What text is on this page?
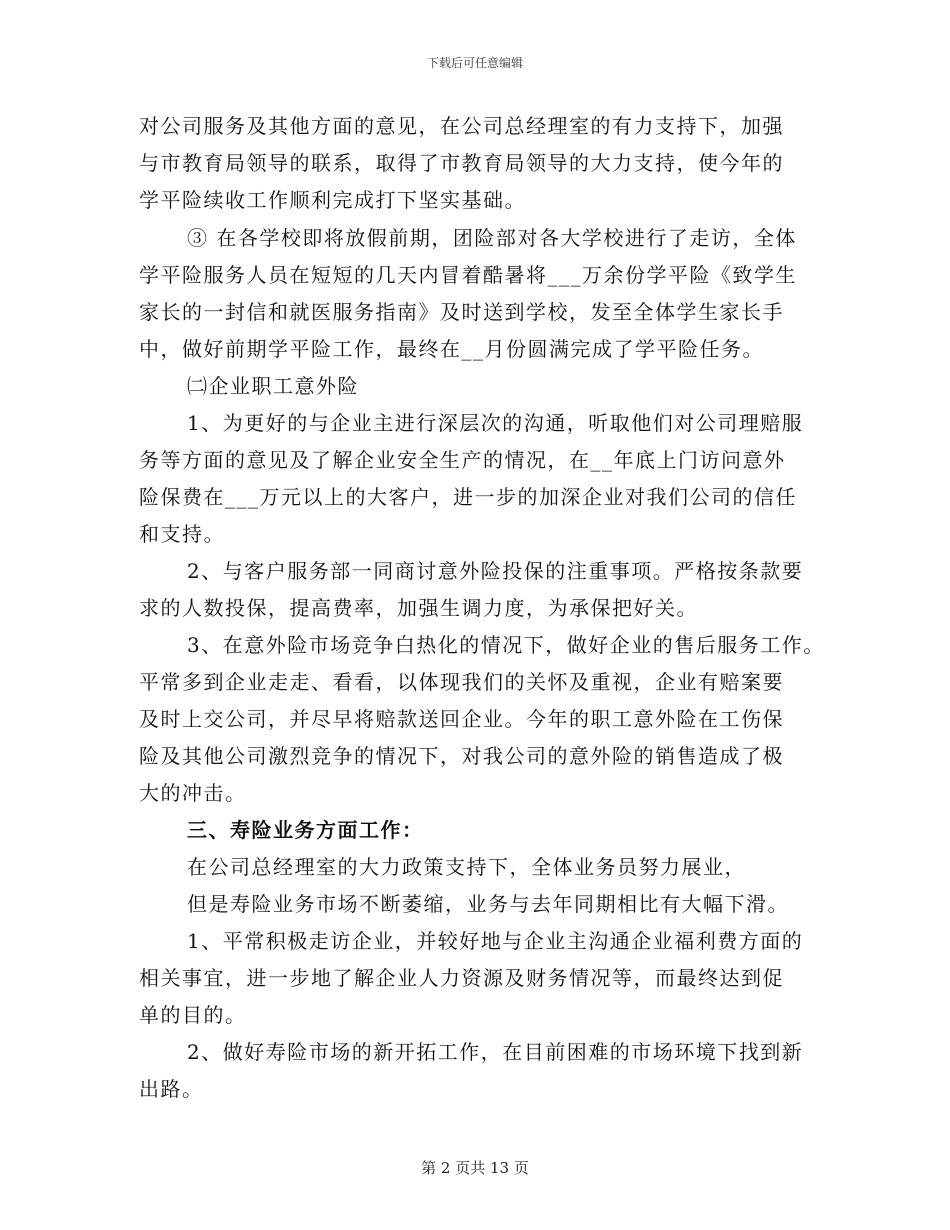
下载后可任意编辑
对公司服务及其他方面的意见，在公司总经理室的有力支持下，加强
与市教育局领导的联系，取得了市教育局领导的大力支持，使今年的
学平险续收工作顺利完成打下坚实基础。
③ 在各学校即将放假前期，团险部对各大学校进行了走访，全体
学平险服务人员在短短的几天内冒着酷暑将___万余份学平险《致学生
家长的一封信和就医服务指南》及时送到学校，发至全体学生家长手
中，做好前期学平险工作，最终在__月份圆满完成了学平险任务。
㈡企业职工意外险
1、为更好的与企业主进行深层次的沟通，听取他们对公司理赔服
务等方面的意见及了解企业安全生产的情况，在__年底上门访问意外
险保费在___万元以上的大客户，进一步的加深企业对我们公司的信任
和支持。
2、与客户服务部一同商讨意外险投保的注重事项。严格按条款要
求的人数投保，提高费率，加强生调力度，为承保把好关。
3、在意外险市场竞争白热化的情况下，做好企业的售后服务工作。
平常多到企业走走、看看，以体现我们的关怀及重视，企业有赔案要
及时上交公司，并尽早将赔款送回企业。今年的职工意外险在工伤保
险及其他公司激烈竞争的情况下，对我公司的意外险的销售造成了极
大的冲击。
三、寿险业务方面工作：
在公司总经理室的大力政策支持下，全体业务员努力展业，
但是寿险业务市场不断萎缩，业务与去年同期相比有大幅下滑。
1、平常积极走访企业，并较好地与企业主沟通企业福利费方面的
相关事宜，进一步地了解企业人力资源及财务情况等，而最终达到促
单的目的。
2、做好寿险市场的新开拓工作，在目前困难的市场环境下找到新
出路。
第 2 页共 13 页
